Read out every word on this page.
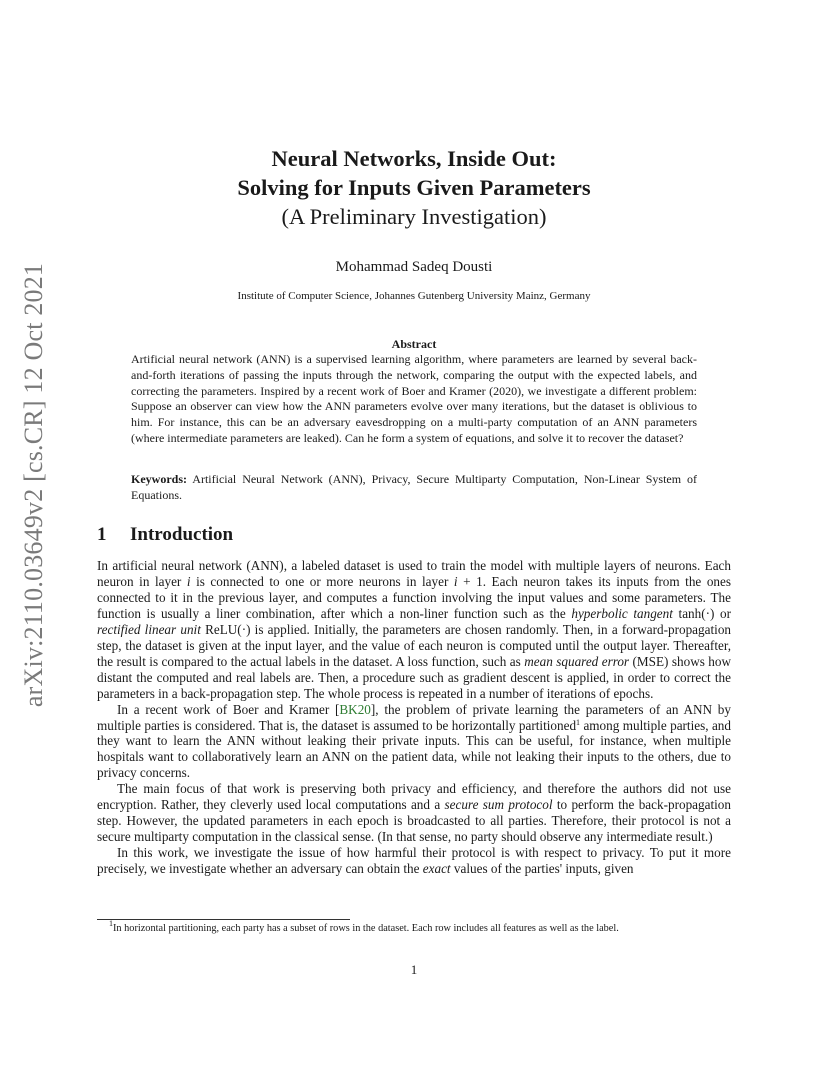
arXiv:2110.03649v2 [cs.CR] 12 Oct 2021
Neural Networks, Inside Out:
Solving for Inputs Given Parameters
(A Preliminary Investigation)
Mohammad Sadeq Dousti
Institute of Computer Science, Johannes Gutenberg University Mainz, Germany
Abstract
Artificial neural network (ANN) is a supervised learning algorithm, where parameters are learned by several back-and-forth iterations of passing the inputs through the network, comparing the output with the expected labels, and correcting the parameters. Inspired by a recent work of Boer and Kramer (2020), we investigate a different problem: Suppose an observer can view how the ANN parameters evolve over many iterations, but the dataset is oblivious to him. For instance, this can be an adversary eavesdropping on a multi-party computation of an ANN parameters (where intermediate parameters are leaked). Can he form a system of equations, and solve it to recover the dataset?
Keywords: Artificial Neural Network (ANN), Privacy, Secure Multiparty Computation, Non-Linear System of Equations.
1 Introduction

In artificial neural network (ANN), a labeled dataset is used to train the model with multiple layers of neurons. Each neuron in layer i is connected to one or more neurons in layer i + 1. Each neuron takes its inputs from the ones connected to it in the previous layer, and computes a function involving the input values and some parameters. The function is usually a liner combination, after which a non-liner function such as the hyperbolic tangent tanh(·) or rectified linear unit ReLU(·) is applied. Initially, the parameters are chosen randomly. Then, in a forward-propagation step, the dataset is given at the input layer, and the value of each neuron is computed until the output layer. Thereafter, the result is compared to the actual labels in the dataset. A loss function, such as mean squared error (MSE) shows how distant the computed and real labels are. Then, a procedure such as gradient descent is applied, in order to correct the parameters in a back-propagation step. The whole process is repeated in a number of iterations of epochs.

In a recent work of Boer and Kramer [BK20], the problem of private learning the parameters of an ANN by multiple parties is considered. That is, the dataset is assumed to be horizontally partitioned$^1$ among multiple parties, and they want to learn the ANN without leaking their private inputs. This can be useful, for instance, when multiple hospitals want to collaboratively learn an ANN on the patient data, while not leaking their inputs to the others, due to privacy concerns.

The main focus of that work is preserving both privacy and efficiency, and therefore the authors did not use encryption. Rather, they cleverly used local computations and a secure sum protocol to perform the back-propagation step. However, the updated parameters in each epoch is broadcasted to all parties. Therefore, their protocol is not a secure multiparty computation in the classical sense. (In that sense, no party should observe any intermediate result.)

In this work, we investigate the issue of how harmful their protocol is with respect to privacy. To put it more precisely, we investigate whether an adversary can obtain the exact values of the parties' inputs, given

$^1$In horizontal partitioning, each party has a subset of rows in the dataset. Each row includes all features as well as the label.
1
